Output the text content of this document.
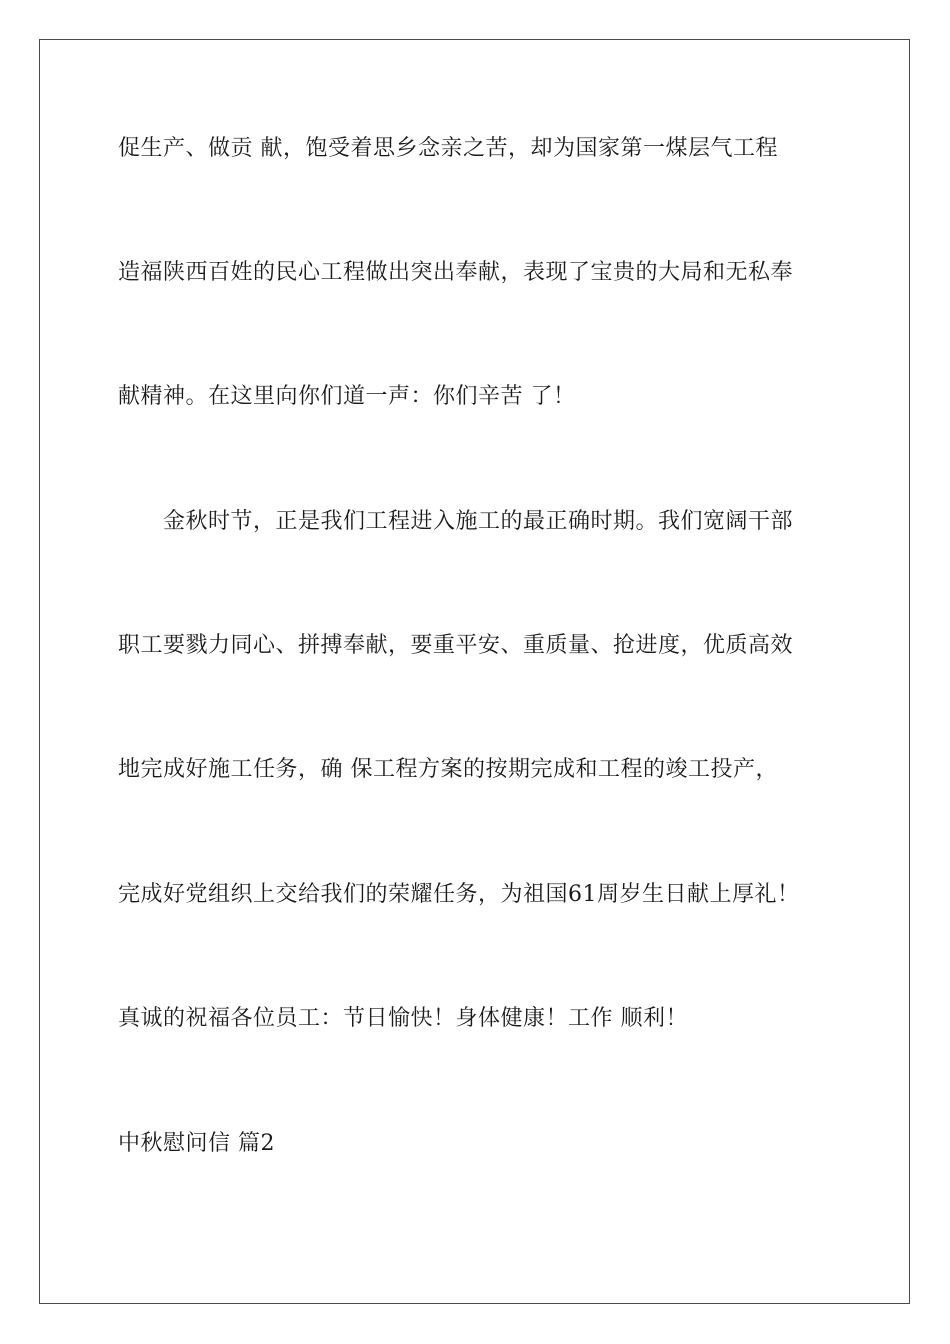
促生产、做贡 献，饱受着思乡念亲之苦，却为国家第一煤层气工程
造福陕西百姓的民心工程做出突出奉献，表现了宝贵的大局和无私奉
献精神。在这里向你们道一声：你们辛苦 了！
金秋时节，正是我们工程进入施工的最正确时期。我们宽阔干部
职工要戮力同心、拼搏奉献，要重平安、重质量、抢进度，优质高效
地完成好施工任务，确 保工程方案的按期完成和工程的竣工投产，
完成好党组织上交给我们的荣耀任务，为祖国61周岁生日献上厚礼！
真诚的祝福各位员工：节日愉快！身体健康！工作 顺利！
中秋慰问信 篇2
